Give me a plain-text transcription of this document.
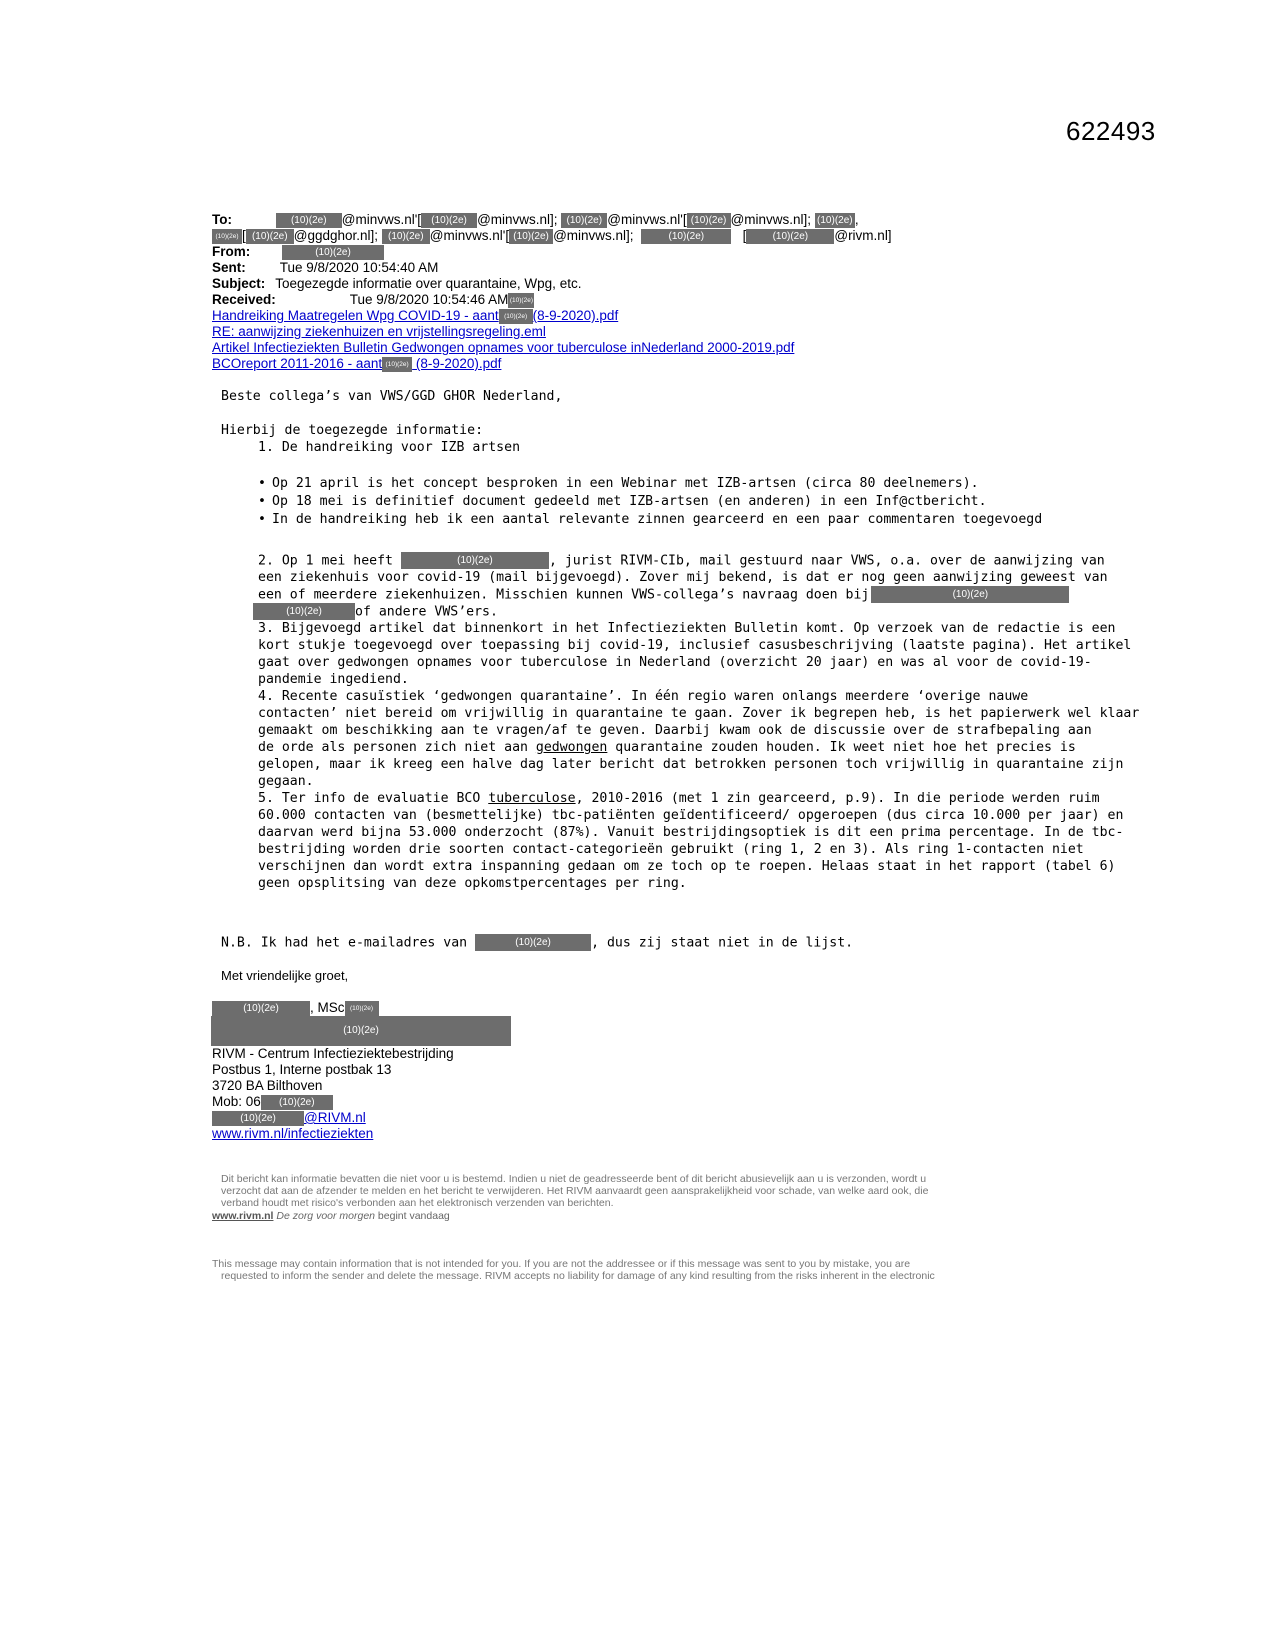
622493
To:	(10)(2e) @minvws.nl'[ (10)(2e) @minvws.nl]; (10)(2e) @minvws.nl'[ (10)(2e) @minvws.nl]; (10)(2e) ,
(10)(2e) [ (10)(2e) @ggdghor.nl]; (10)(2e) @minvws.nl'[ (10)(2e) @minvws.nl];	(10)(2e)	[	(10)(2e) @rivm.nl]
From:	(10)(2e)
Sent:	Tue 9/8/2020 10:54:40 AM
Subject: Toegezegde informatie over quarantaine, Wpg, etc.
Received:	Tue 9/8/2020 10:54:46 AM(10)(2e)
Handreiking Maatregelen Wpg COVID-19 - aant (10)(2e) (8-9-2020).pdf
RE: aanwijzing ziekenhuizen en vrijstellingsregeling.eml
Artikel Infectieziekten Bulletin Gedwongen opnames voor tuberculose inNederland 2000-2019.pdf
BCOreport 2011-2016 - aant (10)(2e) (8-9-2020).pdf
Beste collega’s van VWS/GGD GHOR Nederland,
Hierbij de toegezegde informatie:
1. De handreiking voor IZB artsen
• Op 21 april is het concept besproken in een Webinar met IZB-artsen (circa 80 deelnemers).
• Op 18 mei is definitief document gedeeld met IZB-artsen (en anderen) in een Inf@ctbericht.
• In de handreiking heb ik een aantal relevante zinnen gearceerd en een paar commentaren toegevoegd
2. Op 1 mei heeft	(10)(2e)	, jurist RIVM-CIb, mail gestuurd naar VWS, o.a. over de aanwijzing van
een ziekenhuis voor covid-19 (mail bijgevoegd). Zover mij bekend, is dat er nog geen aanwijzing geweest van
een of meerdere ziekenhuizen. Misschien kunnen VWS-collega’s navraag doen bij	(10)(2e)
(10)(2e)	of andere VWS’ers.
3. Bijgevoegd artikel dat binnenkort in het Infectieziekten Bulletin komt. Op verzoek van de redactie is een
kort stukje toegevoegd over toepassing bij covid-19, inclusief casusbeschrijving (laatste pagina). Het artikel
gaat over gedwongen opnames voor tuberculose in Nederland (overzicht 20 jaar) en was al voor de covid-19-
pandemie ingediend.
4. Recente casuïstiek ‘gedwongen quarantaine’. In één regio waren onlangs meerdere ‘overige nauwe
contacten’ niet bereid om vrijwillig in quarantaine te gaan. Zover ik begrepen heb, is het papierwerk wel klaar
gemaakt om beschikking aan te vragen/af te geven. Daarbij kwam ook de discussie over de strafbepaling aan
de orde als personen zich niet aan gedwongen quarantaine zouden houden. Ik weet niet hoe het precies is
gelopen, maar ik kreeg een halve dag later bericht dat betrokken personen toch vrijwillig in quarantaine zijn
gegaan.
5. Ter info de evaluatie BCO tuberculose, 2010-2016 (met 1 zin gearceerd, p.9). In die periode werden ruim
60.000 contacten van (besmettelijke) tbc-patiënten geïdentificeerd/ opgeroepen (dus circa 10.000 per jaar) en
daarvan werd bijna 53.000 onderzocht (87%). Vanuit bestrijdingsoptiek is dit een prima percentage. In de tbc-
bestrijding worden drie soorten contact-categorieën gebruikt (ring 1, 2 en 3). Als ring 1-contacten niet
verschijnen dan wordt extra inspanning gedaan om ze toch op te roepen. Helaas staat in het rapport (tabel 6)
geen opsplitsing van deze opkomstpercentages per ring.
N.B. Ik had het e-mailadres van	(10)(2e)	, dus zij staat niet in de lijst.
Met vriendelijke groet,
(10)(2e) , MSc (10)(2e)
(10)(2e)
RIVM - Centrum Infectieziektebestrijding
Postbus 1, Interne postbak 13
3720 BA Bilthoven
Mob: 06 (10)(2e)
(10)(2e) @RIVM.nl
www.rivm.nl/infectieziekten
Dit bericht kan informatie bevatten die niet voor u is bestemd. Indien u niet de geadresseerde bent of dit bericht abusievelijk aan u is verzonden, wordt u
verzocht dat aan de afzender te melden en het bericht te verwijderen. Het RIVM aanvaardt geen aansprakelijkheid voor schade, van welke aard ook, die
verband houdt met risico's verbonden aan het elektronisch verzenden van berichten.
www.rivm.nl De zorg voor morgen begint vandaag
This message may contain information that is not intended for you. If you are not the addressee or if this message was sent to you by mistake, you are
requested to inform the sender and delete the message. RIVM accepts no liability for damage of any kind resulting from the risks inherent in the electronic
